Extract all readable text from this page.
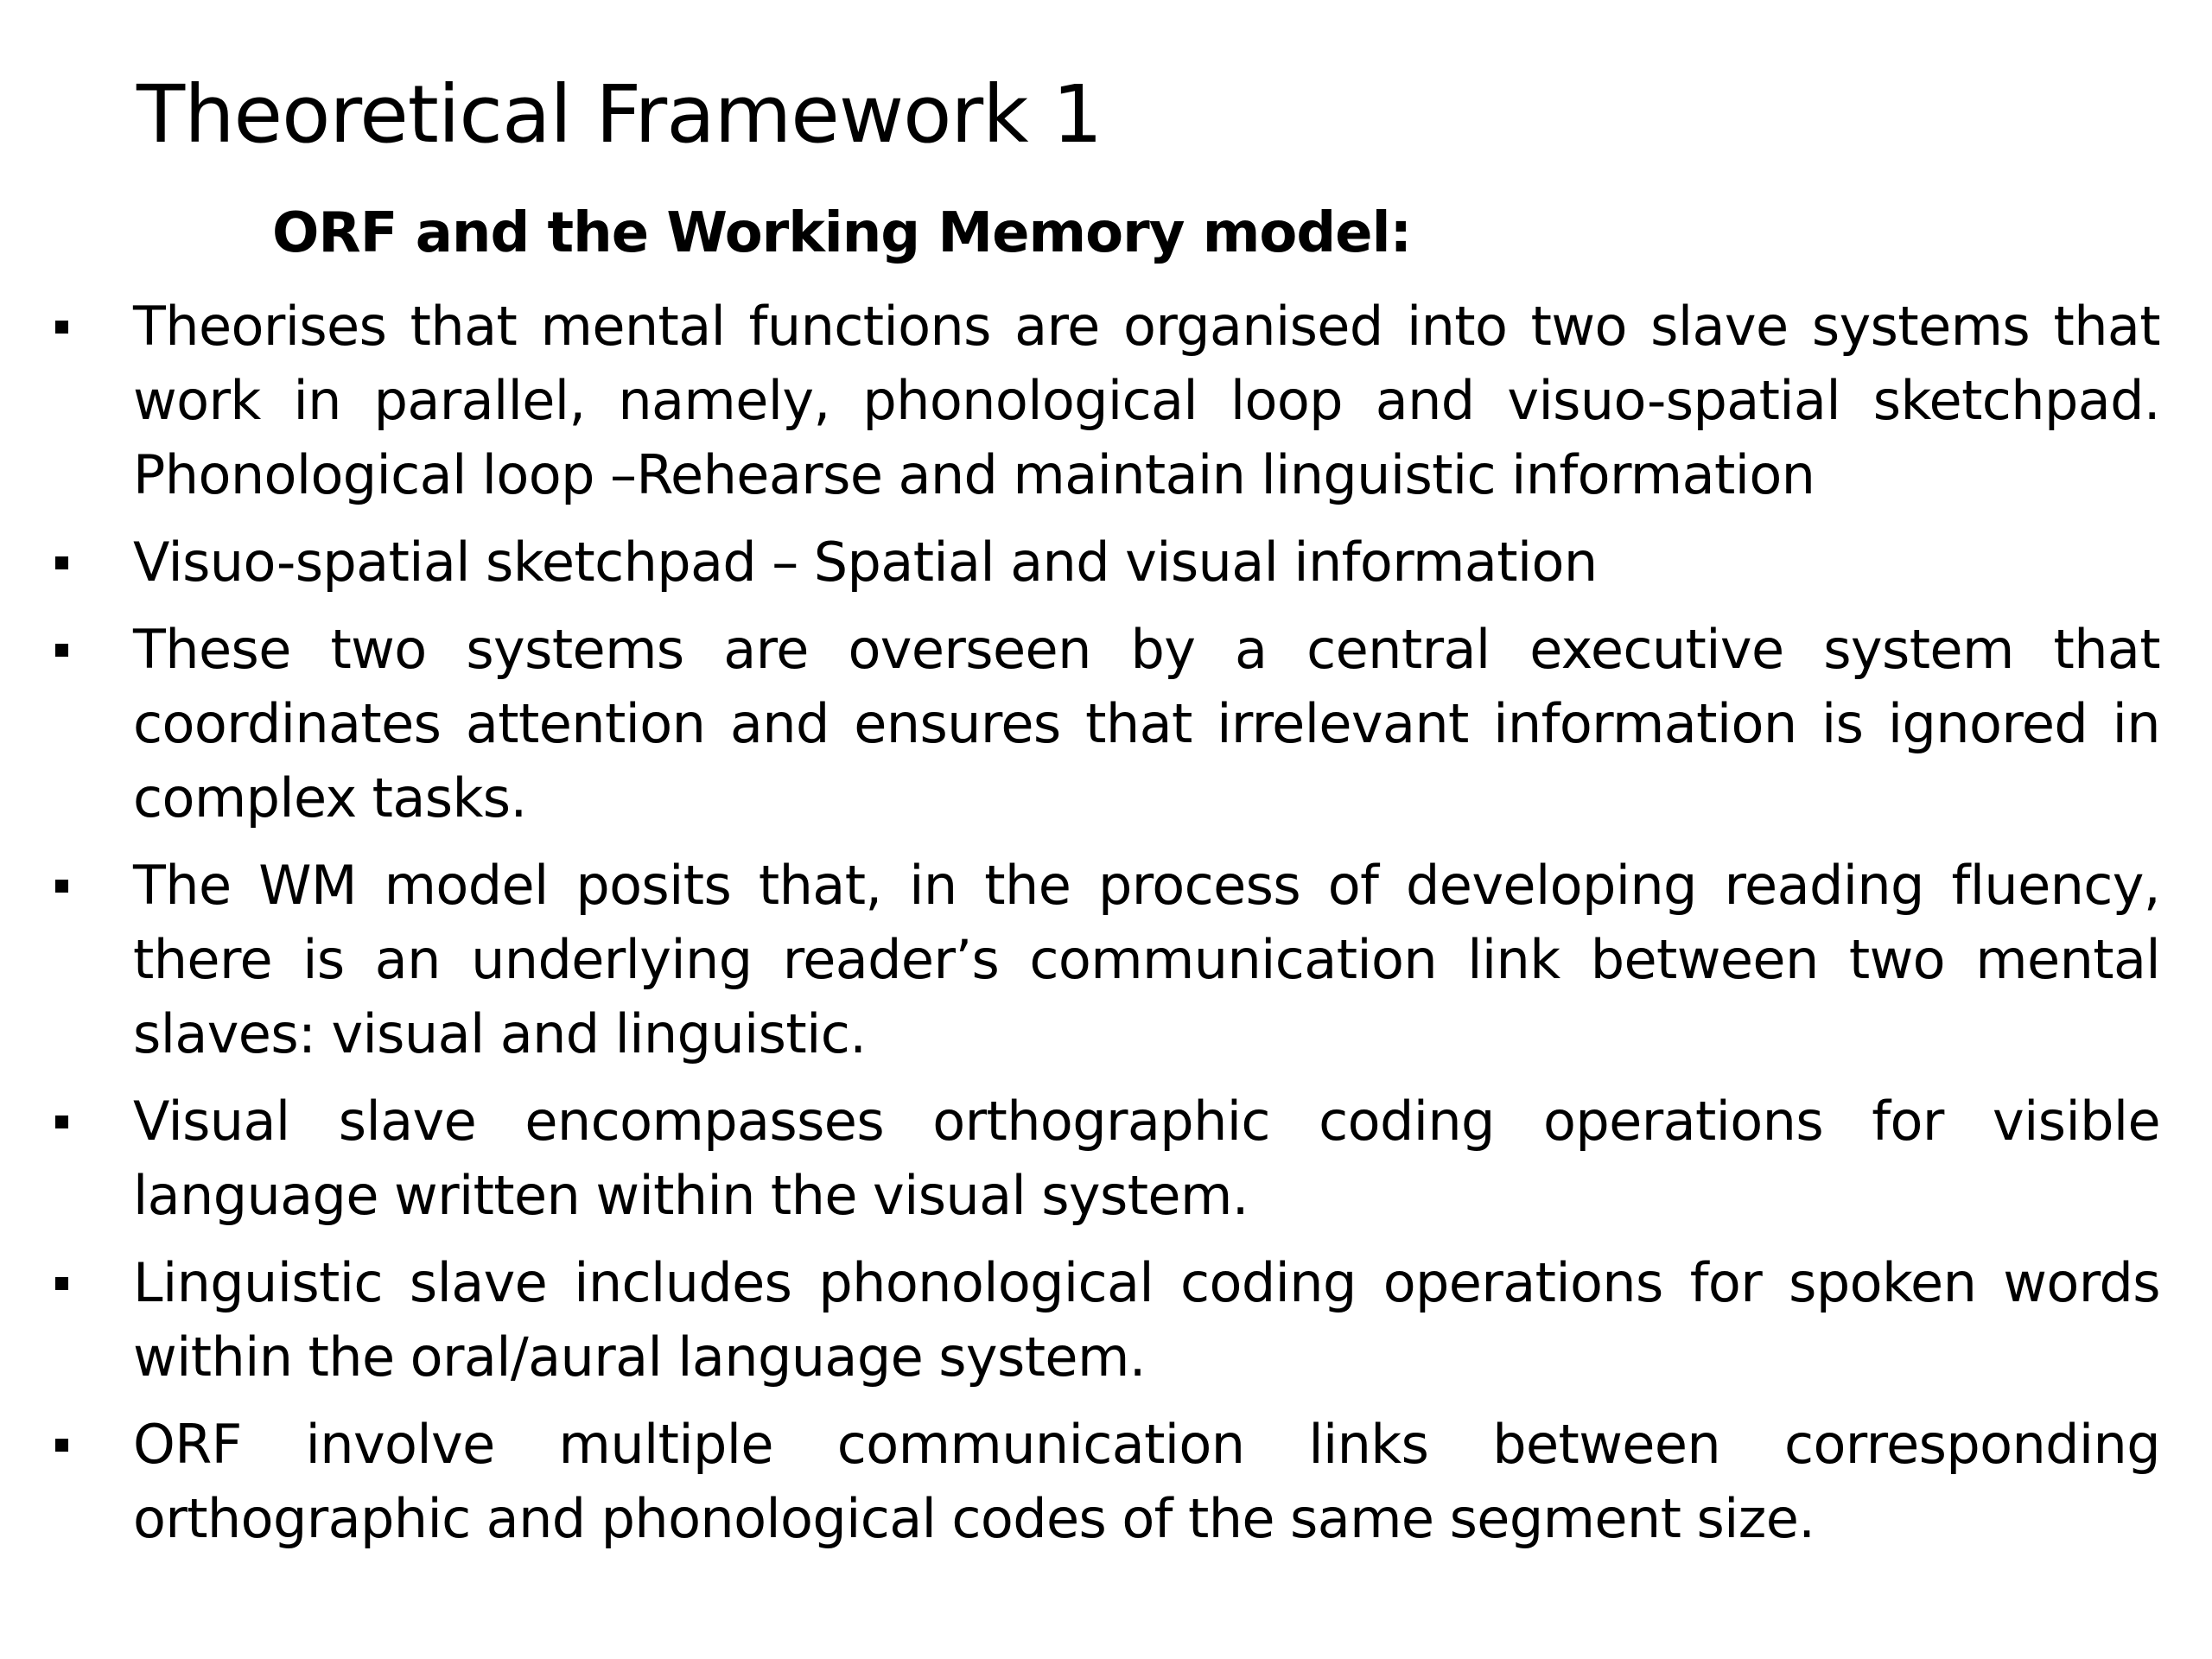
Theoretical Framework 1
ORF and the Working Memory model:
Theorises that mental functions are organised into two slave systems that work in parallel, namely, phonological loop and visuo-spatial sketchpad. Phonological loop –Rehearse and maintain linguistic information
Visuo-spatial sketchpad – Spatial and visual information
These two systems are overseen by a central executive system that coordinates attention and ensures that irrelevant information is ignored in complex tasks.
The WM model posits that, in the process of developing reading fluency, there is an underlying reader’s communication link between two mental slaves: visual and linguistic.
Visual slave encompasses orthographic coding operations for visible language written within the visual system.
Linguistic slave includes phonological coding operations for spoken words within the oral/aural language system.
ORF involve multiple communication links between corresponding orthographic and phonological codes of the same segment size.
